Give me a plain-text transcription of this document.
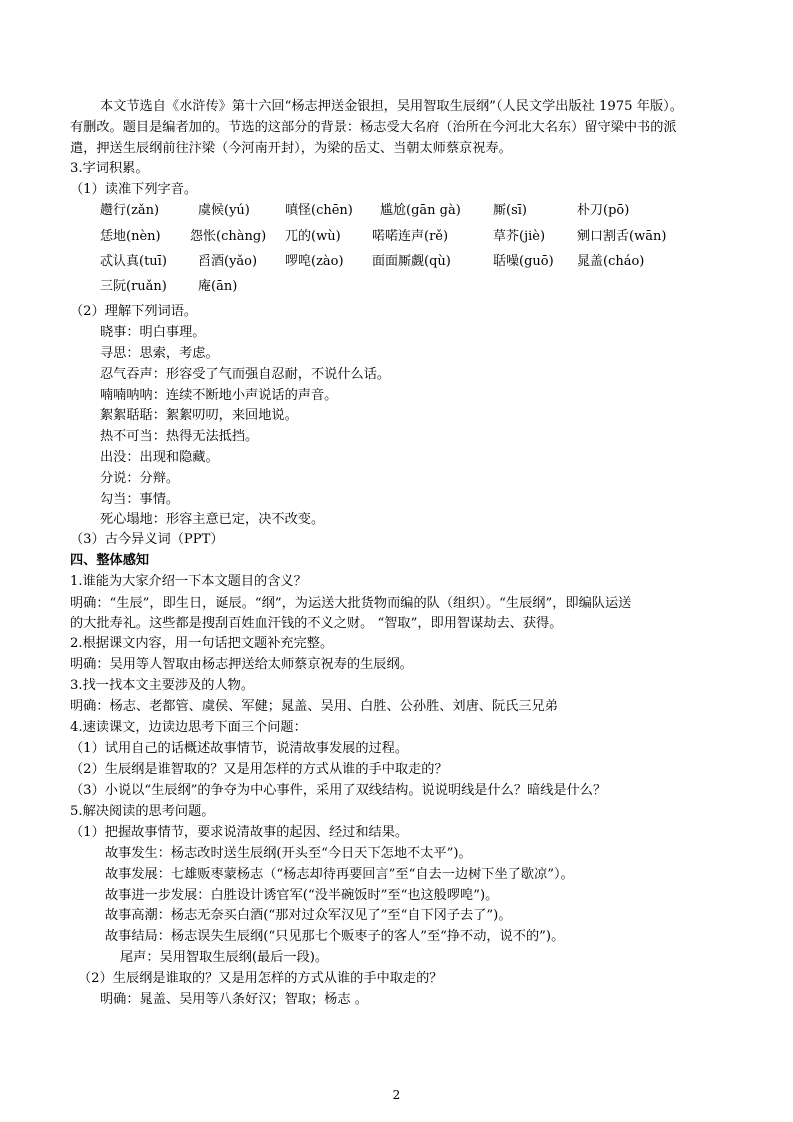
本文节选自《水浒传》第十六回“杨志押送金银担，吴用智取生辰纲”（人民文学出版社 1975 年版）。
有删改。题目是编者加的。节选的这部分的背景：杨志受大名府（治所在今河北大名东）留守梁中书的派
遣，押送生辰纲前往汴梁（今河南开封），为梁的岳丈、当朝太师蔡京祝寿。
3.字词积累。
（1）读准下列字音。
趱行(zǎn)	虞候(yú)	嗔怪(chēn) 尴尬(gān gà) 厮(sī)	朴刀(pō)
恁地(nèn) 怨怅(chàng) 兀的(wù) 喏喏连声(rě)	草芥(jiè) 剜口割舌(wān)
忒认真(tuī) 舀酒(yǎo) 啰唣(zào) 面面厮觑(qù)	聒噪(guō) 晁盖(cháo)
三阮(ruǎn) 庵(ān)
（2）理解下列词语。
晓事：明白事理。
寻思：思索，考虑。
忍气吞声：形容受了气而强自忍耐，不说什么话。
喃喃呐呐：连续不断地小声说话的声音。
絮絮聒聒：絮絮叨叨，来回地说。
热不可当：热得无法抵挡。
出没：出现和隐藏。
分说：分辩。
勾当：事情。
死心塌地：形容主意已定，决不改变。
（3）古今异义词（PPT）
四、整体感知
1.谁能为大家介绍一下本文题目的含义？
明确：“生辰”，即生日，诞辰。“纲”，为运送大批货物而编的队（组织）。“生辰纲”，即编队运送
的大批寿礼。这些都是搜刮百姓血汗钱的不义之财。 “智取”，即用智谋劫去、获得。
2.根据课文内容，用一句话把文题补充完整。
明确：吴用等人智取由杨志押送给太师蔡京祝寿的生辰纲。
3.找一找本文主要涉及的人物。
明确：杨志、老都管、虞侯、军健；晁盖、吴用、白胜、公孙胜、刘唐、阮氏三兄弟
4.速读课文，边读边思考下面三个问题：
（1）试用自己的话概述故事情节，说清故事发展的过程。
（2）生辰纲是谁智取的？又是用怎样的方式从谁的手中取走的？
（3）小说以“生辰纲”的争夺为中心事件，采用了双线结构。说说明线是什么？暗线是什么？
5.解决阅读的思考问题。
（1）把握故事情节，要求说清故事的起因、经过和结果。
故事发生：杨志改时送生辰纲(开头至“今日天下怎地不太平”)。
故事发展：七雄贩枣蒙杨志（“杨志却待再要回言”至“自去一边树下坐了歇凉”）。
故事进一步发展：白胜设计诱官军(“没半碗饭时”至“也这般啰唣”)。
故事高潮：杨志无奈买白酒(“那对过众军汉见了”至“自下冈子去了”)。
故事结局：杨志误失生辰纲(“只见那七个贩枣子的客人”至“挣不动，说不的”)。
尾声：吴用智取生辰纲(最后一段)。
（2）生辰纲是谁取的？又是用怎样的方式从谁的手中取走的？
明确：晁盖、吴用等八条好汉；智取；杨志 。
2
